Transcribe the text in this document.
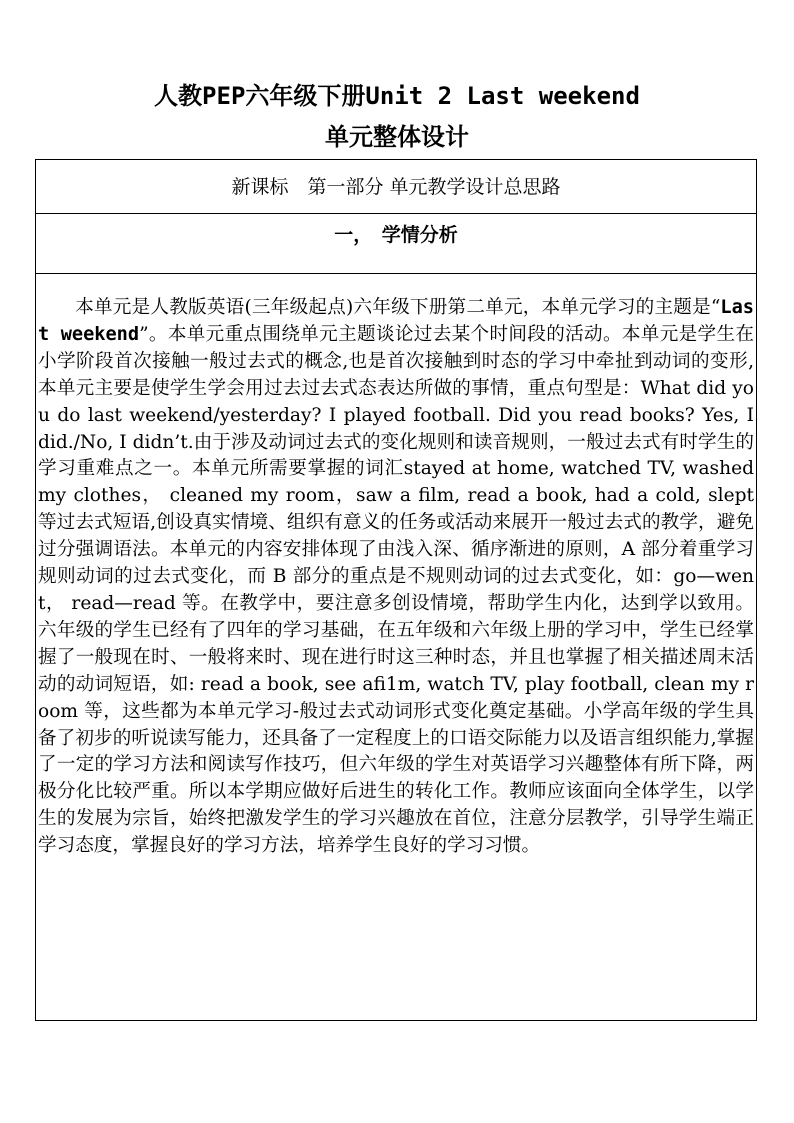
人教PEP六年级下册Unit 2 Last weekend
单元整体设计
新课标　第一部分 单元教学设计总思路
一，　学情分析

本单元是人教版英语(三年级起点)六年级下册第二单元，本单元学习的主题是“Last weekend”。本单元重点围绕单元主题谈论过去某个时间段的活动。本单元是学生在小学阶段首次接触一般过去式的概念,也是首次接触到时态的学习中牵扯到动词的变形,本单元主要是使学生学会用过去过去式态表达所做的事情，重点句型是：What did you do last weekend/yesterday? I played football. Did you read books? Yes, I did./No, I didn’t.由于涉及动词过去式的变化规则和读音规则，一般过去式有时学生的学习重难点之一。本单元所需要掌握的词汇stayed at home, watched TV, washed my clothes， cleaned my room，saw a film, read a book, had a cold, slept 等过去式短语,创设真实情境、组织有意义的任务或活动来展开一般过去式的教学，避免过分强调语法。本单元的内容安排体现了由浅入深、循序渐进的原则，A 部分着重学习规则动词的过去式变化，而 B 部分的重点是不规则动词的过去式变化，如：go—went， read—read 等。在教学中，要注意多创设情境，帮助学生内化，达到学以致用。六年级的学生已经有了四年的学习基础，在五年级和六年级上册的学习中，学生已经掌握了一般现在时、一般将来时、现在进行时这三种时态，并且也掌握了相关描述周末活动的动词短语，如: read a book, see afi1m, watch TV, play football, clean my room 等，这些都为本单元学习-般过去式动词形式变化奠定基础。小学高年级的学生具备了初步的听说读写能力，还具备了一定程度上的口语交际能力以及语言组织能力,掌握了一定的学习方法和阅读写作技巧，但六年级的学生对英语学习兴趣整体有所下降，两极分化比较严重。所以本学期应做好后进生的转化工作。教师应该面向全体学生，以学生的发展为宗旨，始终把激发学生的学习兴趣放在首位，注意分层教学，引导学生端正学习态度，掌握良好的学习方法，培养学生良好的学习习惯。
